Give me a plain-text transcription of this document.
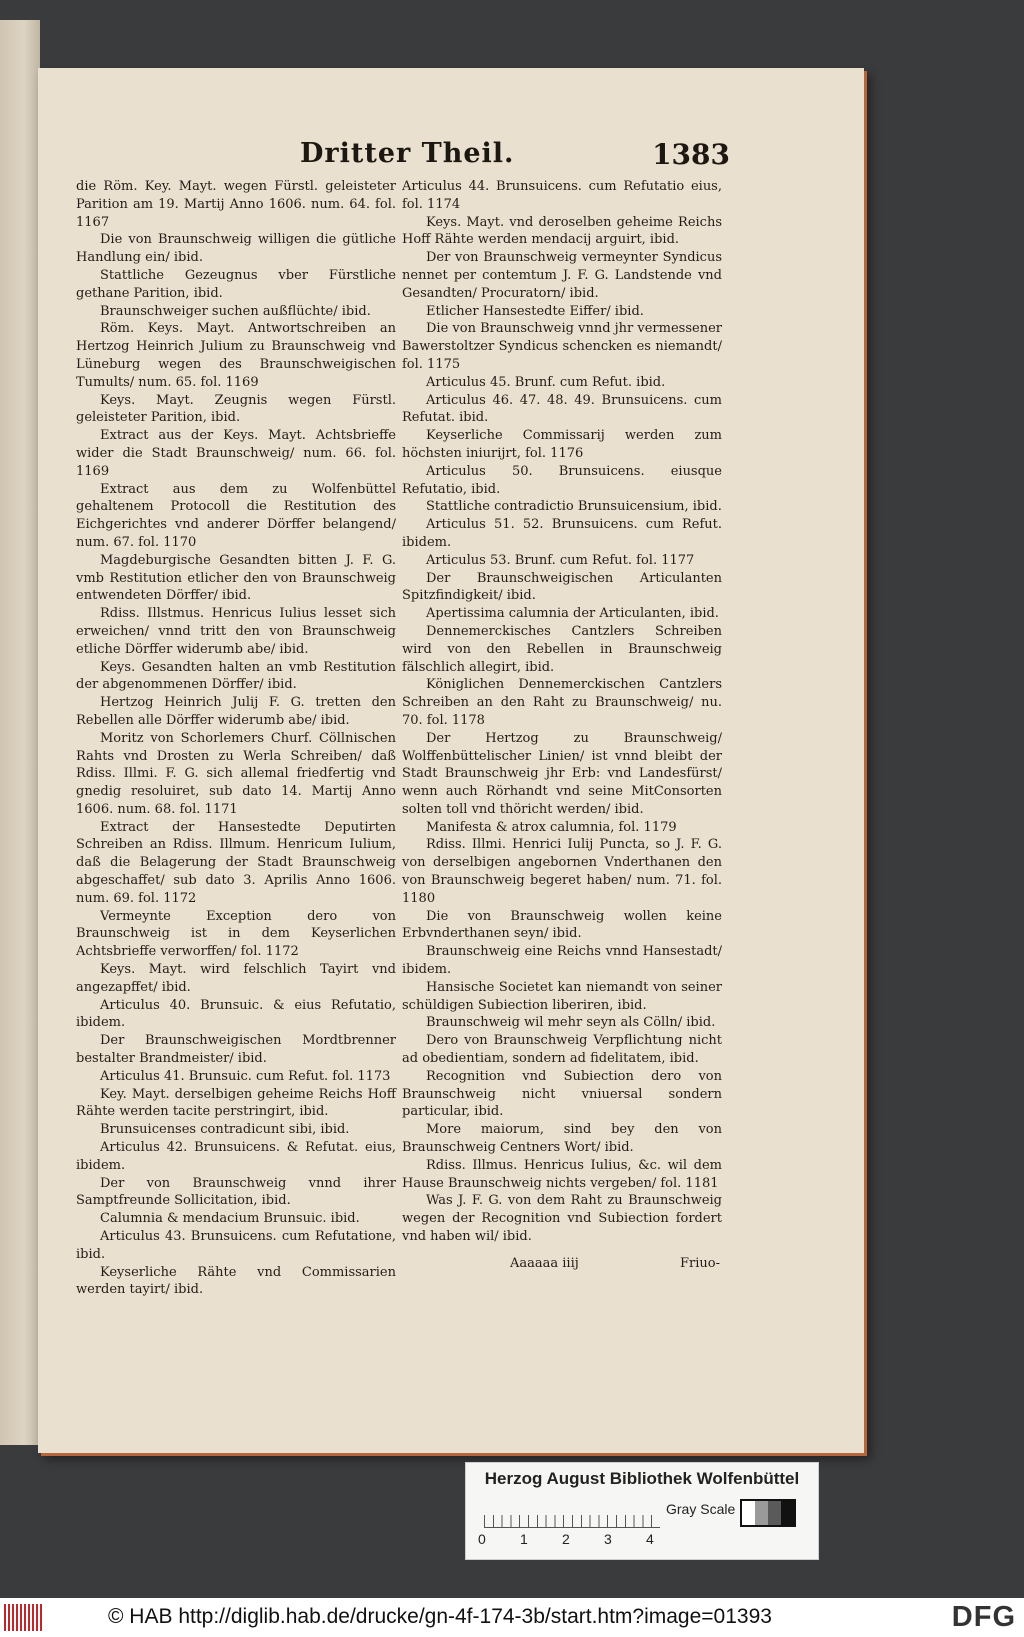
Dritter Theil.	1383

die Röm. Key. Mayt. wegen Fürstl. geleisteter Parition am 19. Martij Anno 1606. num. 64. fol. 1167

Die von Braunschweig willigen die gütliche Handlung ein/ ibid.

Stattliche Gezeugnus vber Fürstliche gethane Parition, ibid.

Braunschweiger suchen außflüchte/ ibid.

Röm. Keys. Mayt. Antwortschreiben an Hertzog Heinrich Julium zu Braunschweig vnd Lüneburg wegen des Braunschweigischen Tumults/ num. 65. fol. 1169

Keys. Mayt. Zeugnis wegen Fürstl. geleisteter Parition, ibid.

Extract aus der Keys. Mayt. Achtsbrieffe wider die Stadt Braunschweig/ num. 66. fol. 1169

Extract aus dem zu Wolfenbüttel gehaltenem Protocoll die Restitution des Eichgerichtes vnd anderer Dörffer belangend/ num. 67. fol. 1170

Magdeburgische Gesandten bitten J. F. G. vmb Restitution etlicher den von Braunschweig entwendeten Dörffer/ ibid.

Rdiss. Illstmus. Henricus Iulius lesset sich erweichen/ vnnd tritt den von Braunschweig etliche Dörffer widerumb abe/ ibid.

Keys. Gesandten halten an vmb Restitution der abgenommenen Dörffer/ ibid.

Hertzog Heinrich Julij F. G. tretten den Rebellen alle Dörffer widerumb abe/ ibid.

Moritz von Schorlemers Churf. Cöllnischen Rahts vnd Drosten zu Werla Schreiben/ daß Rdiss. Illmi. F. G. sich allemal friedfertig vnd gnedig resoluiret, sub dato 14. Martij Anno 1606. num. 68. fol. 1171

Extract der Hansestedte Deputirten Schreiben an Rdiss. Illmum. Henricum Iulium, daß die Belagerung der Stadt Braunschweig abgeschaffet/ sub dato 3. Aprilis Anno 1606. num. 69. fol. 1172

Vermeynte Exception dero von Braunschweig ist in dem Keyserlichen Achtsbrieffe verworffen/ fol. 1172

Keys. Mayt. wird felschlich Tayirt vnd angezapffet/ ibid.

Articulus 40. Brunsuic. & eius Refutatio, ibidem.

Der Braunschweigischen Mordtbrenner bestalter Brandmeister/ ibid.

Articulus 41. Brunsuic. cum Refut. fol. 1173

Key. Mayt. derselbigen geheime Reichs Hoff Rähte werden tacite perstringirt, ibid.

Brunsuicenses contradicunt sibi, ibid.

Articulus 42. Brunsuicens. & Refutat. eius, ibidem.

Der von Braunschweig vnnd ihrer Samptfreunde Sollicitation, ibid.

Calumnia & mendacium Brunsuic. ibid.

Articulus 43. Brunsuicens. cum Refutatione, ibid.

Keyserliche Rähte vnd Commissarien werden tayirt/ ibid.

Articulus 44. Brunsuicens. cum Refutatio eius, fol. 1174

Keys. Mayt. vnd deroselben geheime Reichs Hoff Rähte werden mendacij arguirt, ibid.

Der von Braunschweig vermeynter Syndicus nennet per contemtum J. F. G. Landstende vnd Gesandten/ Procuratorn/ ibid.

Etlicher Hansestedte Eiffer/ ibid.

Die von Braunschweig vnnd jhr vermessener Bawerstoltzer Syndicus schencken es niemandt/ fol. 1175

Articulus 45. Brunf. cum Refut. ibid.

Articulus 46. 47. 48. 49. Brunsuicens. cum Refutat. ibid.

Keyserliche Commissarij werden zum höchsten iniurijrt, fol. 1176

Articulus 50. Brunsuicens. eiusque Refutatio, ibid.

Stattliche contradictio Brunsuicensium, ibid.

Articulus 51. 52. Brunsuicens. cum Refut. ibidem.

Articulus 53. Brunf. cum Refut. fol. 1177

Der Braunschweigischen Articulanten Spitzfindigkeit/ ibid.

Apertissima calumnia der Articulanten, ibid.

Dennemerckisches Cantzlers Schreiben wird von den Rebellen in Braunschweig fälschlich allegirt, ibid.

Königlichen Dennemerckischen Cantzlers Schreiben an den Raht zu Braunschweig/ nu. 70. fol. 1178

Der Hertzog zu Braunschweig/ Wolffenbüttelischer Linien/ ist vnnd bleibt der Stadt Braunschweig jhr Erb: vnd Landesfürst/ wenn auch Rörhandt vnd seine MitConsorten solten toll vnd thöricht werden/ ibid.

Manifesta & atrox calumnia, fol. 1179

Rdiss. Illmi. Henrici Iulij Puncta, so J. F. G. von derselbigen angebornen Vnderthanen den von Braunschweig begeret haben/ num. 71. fol. 1180

Die von Braunschweig wollen keine Erbvnderthanen seyn/ ibid.

Braunschweig eine Reichs vnnd Hansestadt/ ibidem.

Hansische Societet kan niemandt von seiner schüldigen Subiection liberiren, ibid.

Braunschweig wil mehr seyn als Cölln/ ibid.

Dero von Braunschweig Verpflichtung nicht ad obedientiam, sondern ad fidelitatem, ibid.

Recognition vnd Subiection dero von Braunschweig nicht vniuersal sondern particular, ibid.

More maiorum, sind bey den von Braunschweig Centners Wort/ ibid.

Rdiss. Illmus. Henricus Iulius, &c. wil dem Hause Braunschweig nichts vergeben/ fol. 1181

Was J. F. G. von dem Raht zu Braunschweig wegen der Recognition vnd Subiection fordert vnd haben wil/ ibid.

Aaaaaa iiij	Friuo-
Herzog August Bibliothek Wolfenbüttel
0 1 2 3 4
Gray Scale
© HAB http://diglib.hab.de/drucke/gn-4f-174-3b/start.htm?image=01393	DFG
